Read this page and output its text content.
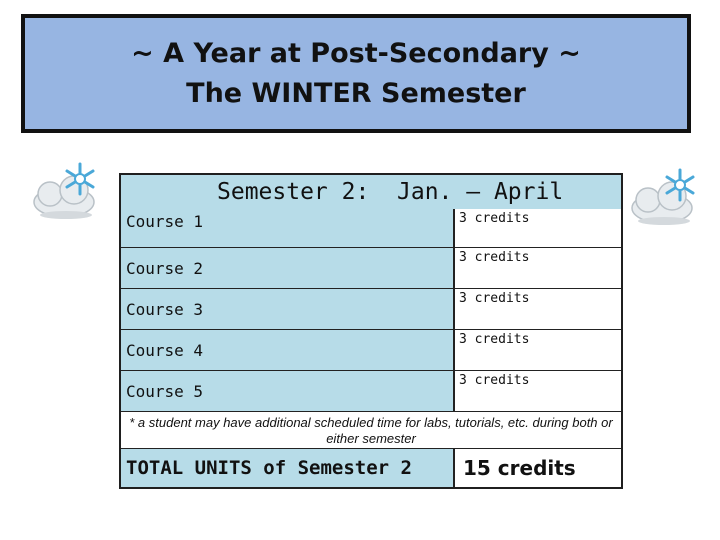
~ A Year at Post-Secondary ~
The WINTER Semester
Semester 2:  Jan. – April
Course 1	3 credits
Course 2
3 credits
Course 3
3 credits
Course 4
3 credits
Course 5
3 credits
* a student may have additional scheduled time for labs, tutorials, etc. during both or either semester
TOTAL UNITS of Semester 2	15 credits
